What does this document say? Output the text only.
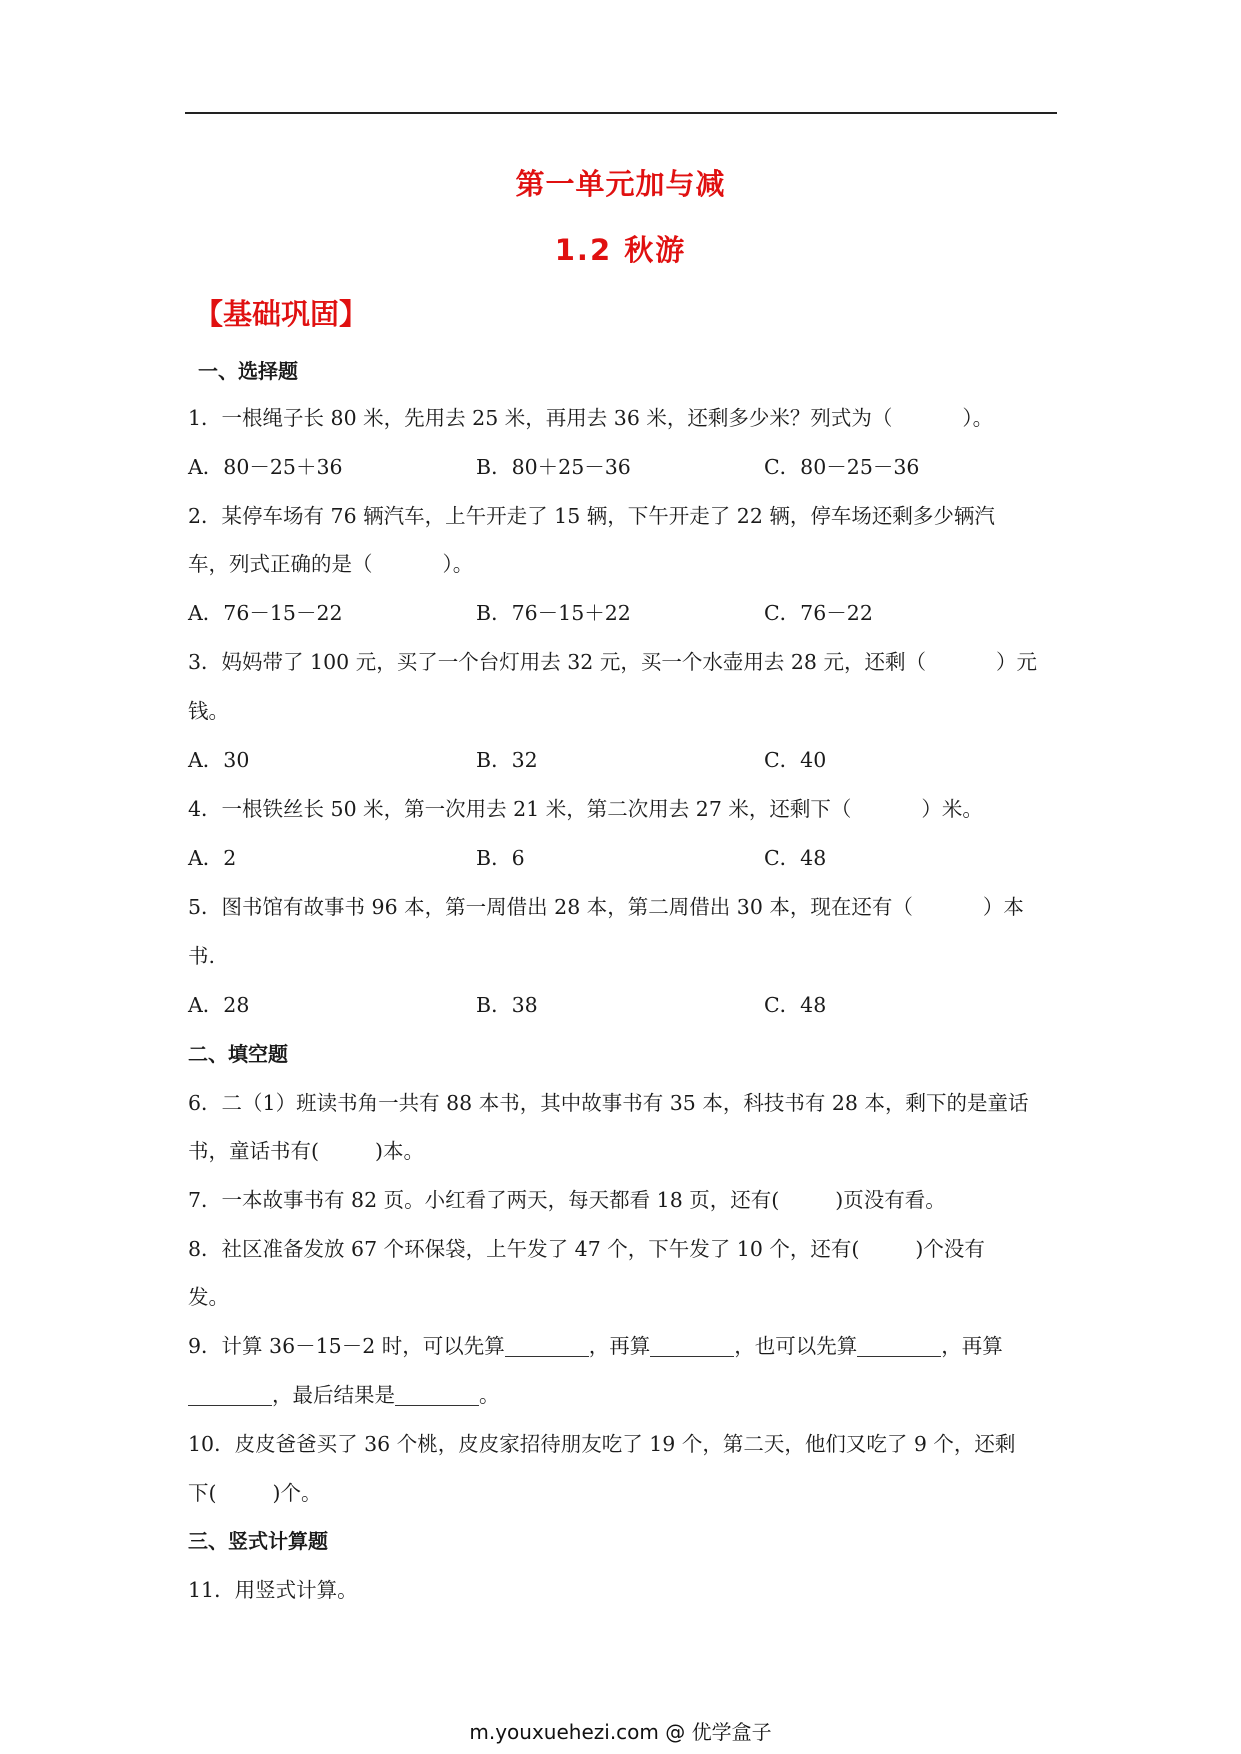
第一单元加与减
1.2 秋游
【基础巩固】
一、选择题
1．一根绳子长 80 米，先用去 25 米，再用去 36 米，还剩多少米？列式为（	）。
A．80－25＋36	B．80＋25－36	C．80－25－36
2．某停车场有 76 辆汽车，上午开走了 15 辆，下午开走了 22 辆，停车场还剩多少辆汽
车，列式正确的是（	）。
A．76－15－22	B．76－15＋22	C．76－22
3．妈妈带了 100 元，买了一个台灯用去 32 元，买一个水壶用去 28 元，还剩（	）元
钱。
A．30	B．32	C．40
4．一根铁丝长 50 米，第一次用去 21 米，第二次用去 27 米，还剩下（	）米。
A．2	B．6	C．48
5．图书馆有故事书 96 本，第一周借出 28 本，第二周借出 30 本，现在还有（	）本
书.
A．28	B．38	C．48
二、填空题
6．二（1）班读书角一共有 88 本书，其中故事书有 35 本，科技书有 28 本，剩下的是童话
书，童话书有(	)本。
7．一本故事书有 82 页。小红看了两天，每天都看 18 页，还有(	)页没有看。
8．社区准备发放 67 个环保袋，上午发了 47 个，下午发了 10 个，还有(	)个没有
发。
9．计算 36－15－2 时，可以先算	，再算	，也可以先算	，再算
，最后结果是	。
10．皮皮爸爸买了 36 个桃，皮皮家招待朋友吃了 19 个，第二天，他们又吃了 9 个，还剩
下(	)个。
三、竖式计算题
11．用竖式计算。
m.youxuehezi.com @ 优学盒子
